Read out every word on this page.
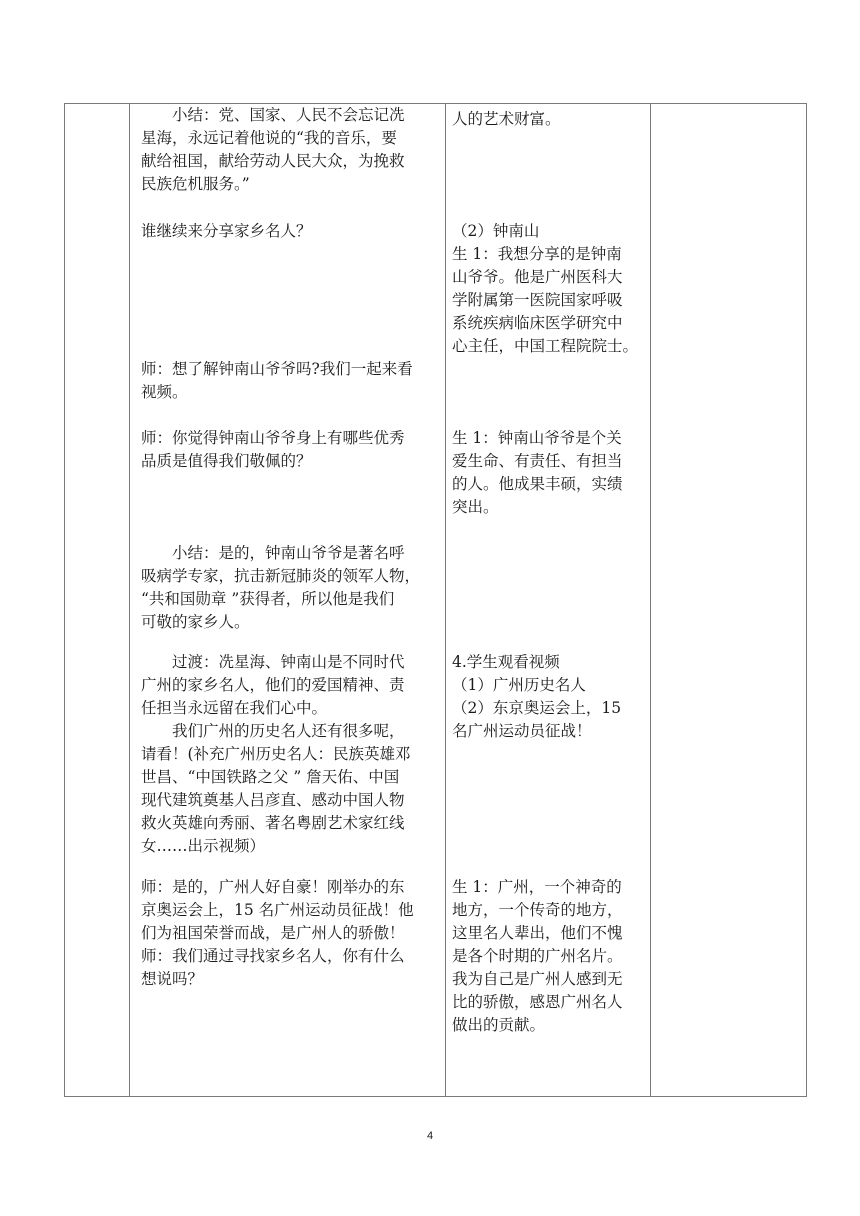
　　小结：党、国家、人民不会忘记冼
星海，永远记着他说的“我的音乐，要
献给祖国，献给劳动人民大众，为挽救
民族危机服务。”
谁继续来分享家乡名人？
师：想了解钟南山爷爷吗?我们一起来看
视频。
师：你觉得钟南山爷爷身上有哪些优秀
品质是值得我们敬佩的？
　　小结：是的，钟南山爷爷是著名呼
吸病学专家，抗击新冠肺炎的领军人物，
“共和国勋章 ”获得者，所以他是我们
可敬的家乡人。
　　过渡：冼星海、钟南山是不同时代
广州的家乡名人，他们的爱国精神、责
任担当永远留在我们心中。
　　我们广州的历史名人还有很多呢，
请看！(补充广州历史名人：民族英雄邓
世昌、“中国铁路之父 ” 詹天佑、中国
现代建筑奠基人吕彦直、感动中国人物
救火英雄向秀丽、著名粤剧艺术家红线
女……出示视频）
师：是的，广州人好自豪！刚举办的东
京奥运会上，15 名广州运动员征战！他
们为祖国荣誉而战，是广州人的骄傲！
师：我们通过寻找家乡名人，你有什么
想说吗？
人的艺术财富。
（2）钟南山
生 1：我想分享的是钟南
山爷爷。他是广州医科大
学附属第一医院国家呼吸
系统疾病临床医学研究中
心主任，中国工程院院士。
生 1：钟南山爷爷是个关
爱生命、有责任、有担当
的人。他成果丰硕，实绩
突出。
4.学生观看视频
（1）广州历史名人
（2）东京奥运会上，15
名广州运动员征战！
生 1：广州，一个神奇的
地方，一个传奇的地方，
这里名人辈出，他们不愧
是各个时期的广州名片。
我为自己是广州人感到无
比的骄傲，感恩广州名人
做出的贡献。
4
